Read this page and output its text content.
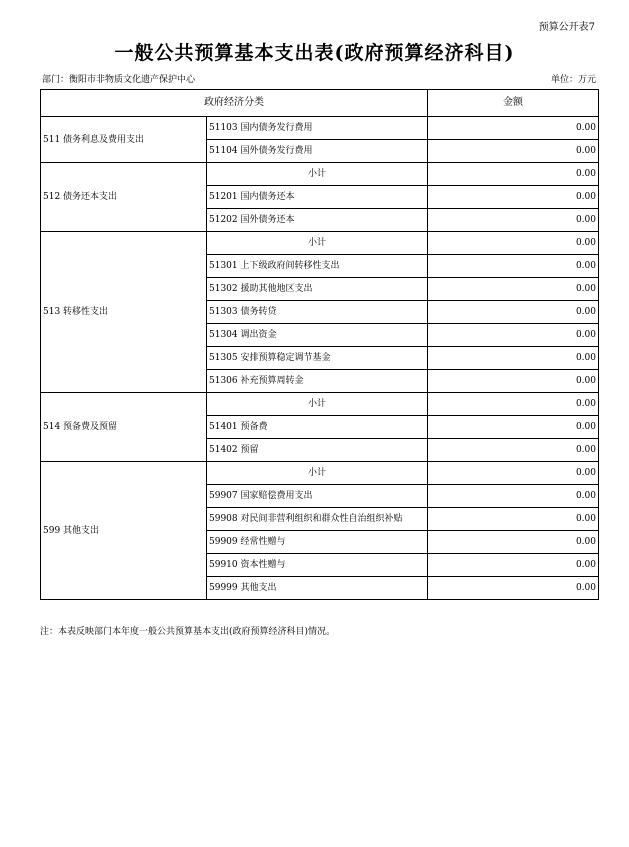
预算公开表7
一般公共预算基本支出表(政府预算经济科目)
部门：衡阳市非物质文化遗产保护中心	单位：万元
政府经济分类		金额
511 债务利息及费用支出	51103 国内债务发行费用	0.00
	51104 国外债务发行费用	0.00
512 债务还本支出	小计	0.00
	51201 国内债务还本	0.00
	51202 国外债务还本	0.00
513 转移性支出	小计	0.00
	51301 上下级政府间转移性支出	0.00
	51302 援助其他地区支出	0.00
	51303 债务转贷	0.00
	51304 调出资金	0.00
	51305 安排预算稳定调节基金	0.00
	51306 补充预算周转金	0.00
514 预备费及预留	小计	0.00
	51401 预备费	0.00
	51402 预留	0.00
599 其他支出	小计	0.00
	59907 国家赔偿费用支出	0.00
	59908 对民间非营利组织和群众性自治组织补贴	0.00
	59909 经常性赠与	0.00
	59910 资本性赠与	0.00
	59999 其他支出	0.00
注：本表反映部门本年度一般公共预算基本支出(政府预算经济科目)情况。
